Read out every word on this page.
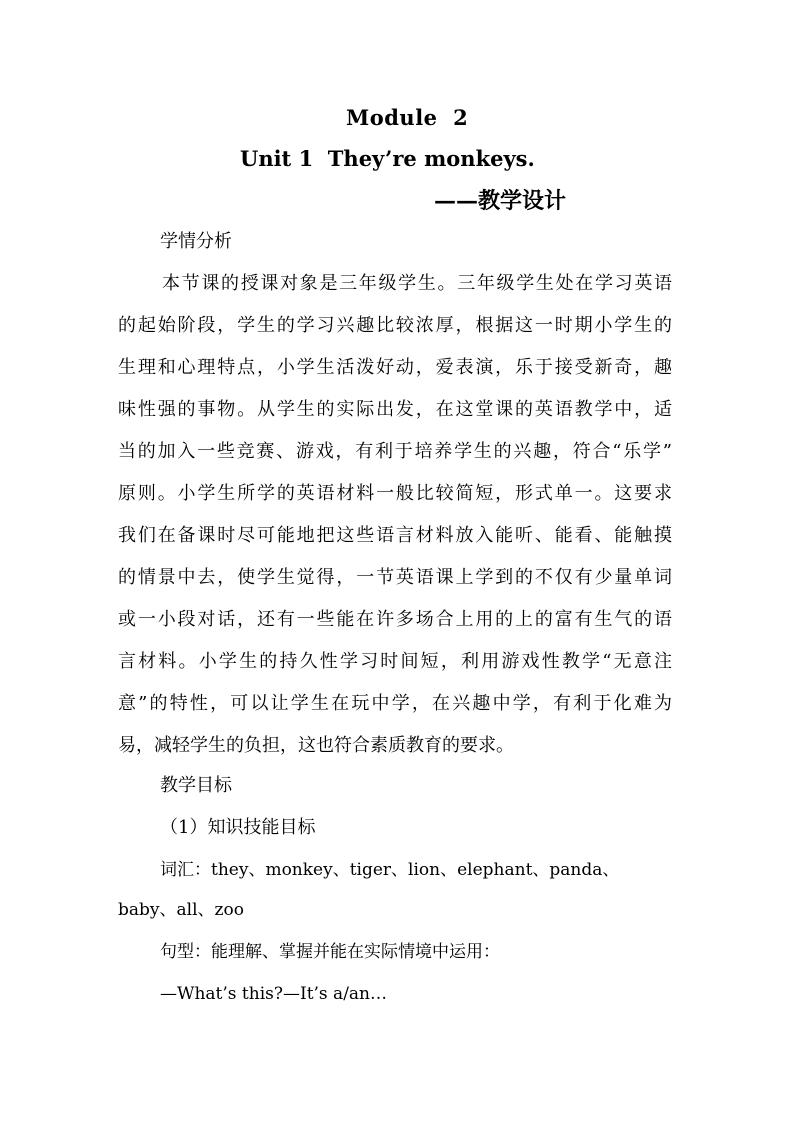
Module  2
Unit 1  They’re monkeys.
——教学设计
学情分析
本节课的授课对象是三年级学生。三年级学生处在学习英语
的起始阶段，学生的学习兴趣比较浓厚，根据这一时期小学生的
生理和心理特点，小学生活泼好动，爱表演，乐于接受新奇，趣
味性强的事物。从学生的实际出发，在这堂课的英语教学中，适
当的加入一些竞赛、游戏，有利于培养学生的兴趣，符合“乐学”
原则。小学生所学的英语材料一般比较简短，形式单一。这要求
我们在备课时尽可能地把这些语言材料放入能听、能看、能触摸
的情景中去，使学生觉得，一节英语课上学到的不仅有少量单词
或一小段对话，还有一些能在许多场合上用的上的富有生气的语
言材料。小学生的持久性学习时间短，利用游戏性教学“无意注
意”的特性，可以让学生在玩中学，在兴趣中学，有利于化难为
易，减轻学生的负担，这也符合素质教育的要求。
教学目标
（1）知识技能目标
词汇：they、monkey、tiger、lion、elephant、panda、
baby、all、zoo
句型：能理解、掌握并能在实际情境中运用：
—What’s this?—It’s a/an…
